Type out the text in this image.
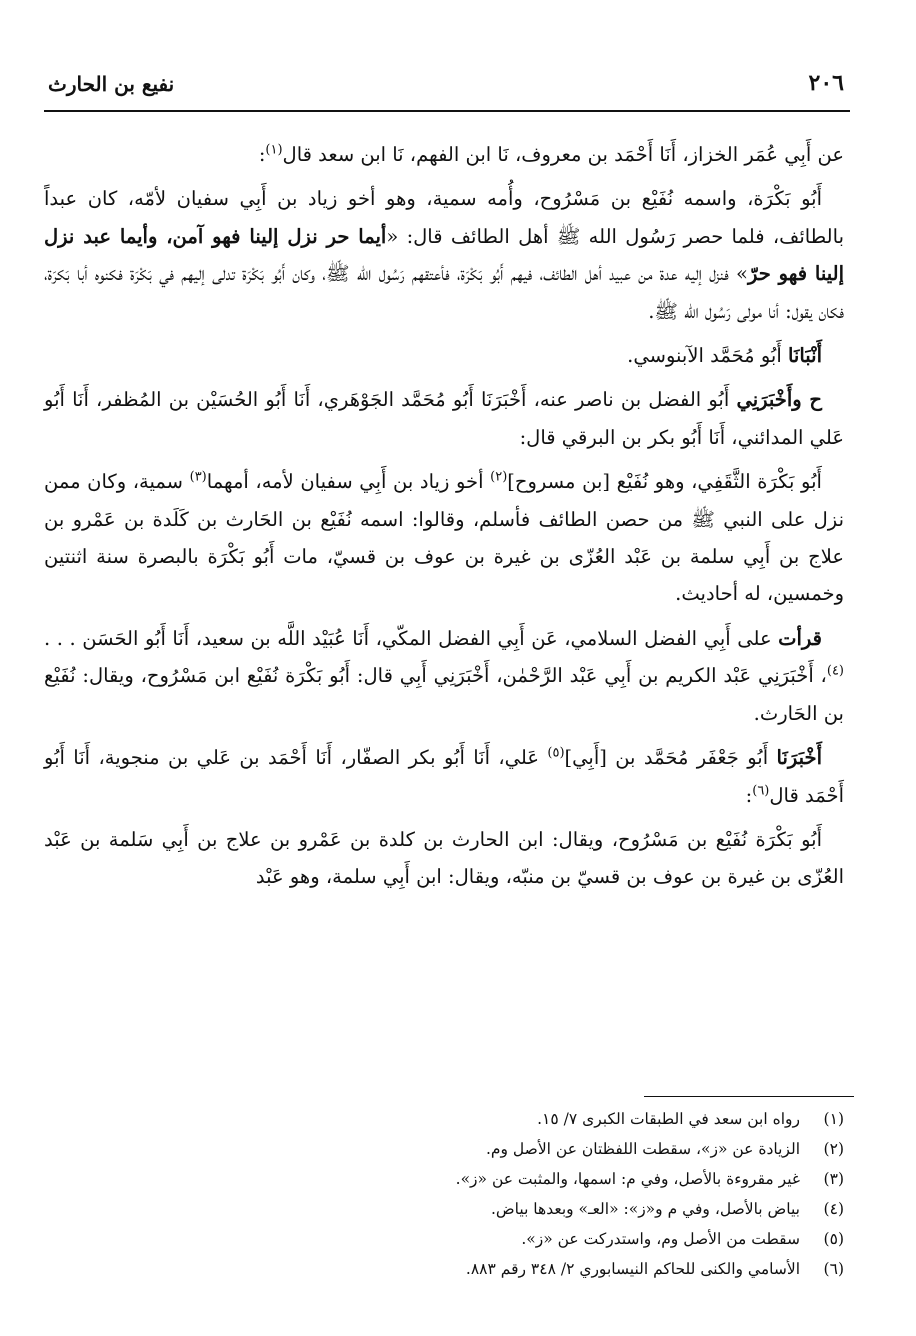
٢٠٦
نفيع بن الحارث

عن أَبِي عُمَر الخزاز، أَنَا أَحْمَد بن معروف، نَا ابن الفهم، نَا ابن سعد قال$^{(١)}$:

أَبُو بَكْرَة، واسمه نُفَيْع بن مَسْرُوح، وأُمه سمية، وهو أخو زياد بن أَبِي سفيان لأمّه، كان عبداً بالطائف، فلما حصر رَسُول الله ﷺ أهل الطائف قال: «أيما حر نزل إلينا فهو آمن، وأيما عبد نزل إلينا فهو حرّ» فنزل إليه عدة من عبيد أهل الطائف، فيهم أَبُو بَكْرَة، فأعتقهم رَسُول الله ﷺ، وكان أَبُو بَكْرَة تدلى إليهم في بَكْرَة فكنوه أبا بَكرَة، فكان يقول: أنا مولى رَسُول الله ﷺ.

أَنْبَانَا أَبُو مُحَمَّد الآبنوسي.

ح وأَخْبَرَنِي أَبُو الفضل بن ناصر عنه، أَخْبَرَنَا أَبُو مُحَمَّد الجَوْهَري، أَنَا أَبُو الحُسَيْن بن المُظفر، أَنَا أَبُو عَلي المدائني، أَنَا أَبُو بكر بن البرقي قال:

أَبُو بَكْرَة الثَّقَفِي، وهو نُفَيْع [بن مسروح]$^{(٢)}$ أخو زياد بن أَبِي سفيان لأمه، أمهما$^{(٣)}$ سمية، وكان ممن نزل على النبي ﷺ من حصن الطائف فأسلم، وقالوا: اسمه نُفَيْع بن الحَارث بن كَلَدة بن عَمْرو بن علاج بن أَبِي سلمة بن عَبْد العُزّى بن غيرة بن عوف بن قسيّ، مات أَبُو بَكْرَة بالبصرة سنة اثنتين وخمسين، له أحاديث.

قرأت على أَبِي الفضل السلامي، عَن أَبِي الفضل المكّي، أَنَا عُبَيْد اللَّه بن سعيد، أَنَا أَبُو الحَسَن . . .$^{(٤)}$، أَخْبَرَنِي عَبْد الكريم بن أَبِي عَبْد الرَّحْمٰن، أَخْبَرَنِي أَبِي قال: أَبُو بَكْرَة نُفَيْع ابن مَسْرُوح، ويقال: نُفَيْع بن الحَارث.

أَخْبَرَنَا أَبُو جَعْفَر مُحَمَّد بن [أَبِي]$^{(٥)}$ عَلي، أَنَا أَبُو بكر الصفّار، أَنَا أَحْمَد بن عَلي بن منجوية، أَنَا أَبُو أَحْمَد قال$^{(٦)}$:

أَبُو بَكْرَة نُفَيْع بن مَسْرُوح، ويقال: ابن الحارث بن كلدة بن عَمْرو بن علاج بن أَبِي سَلمة بن عَبْد العُزّى بن غيرة بن عوف بن قسيّ بن منبّه، ويقال: ابن أَبِي سلمة، وهو عَبْد

(١)
رواه ابن سعد في الطبقات الكبرى ٧/ ١٥.
(٢)
الزيادة عن «ز»، سقطت اللفظتان عن الأصل وم.
(٣)
غير مقروءة بالأصل، وفي م: اسمها، والمثبت عن «ز».
(٤)
بياض بالأصل، وفي م و«ز»: «العـ» وبعدها بياض.
(٥)
سقطت من الأصل وم، واستدركت عن «ز».
(٦)
الأسامي والكنى للحاكم النيسابوري ٢/ ٣٤٨ رقم ٨٨٣.
